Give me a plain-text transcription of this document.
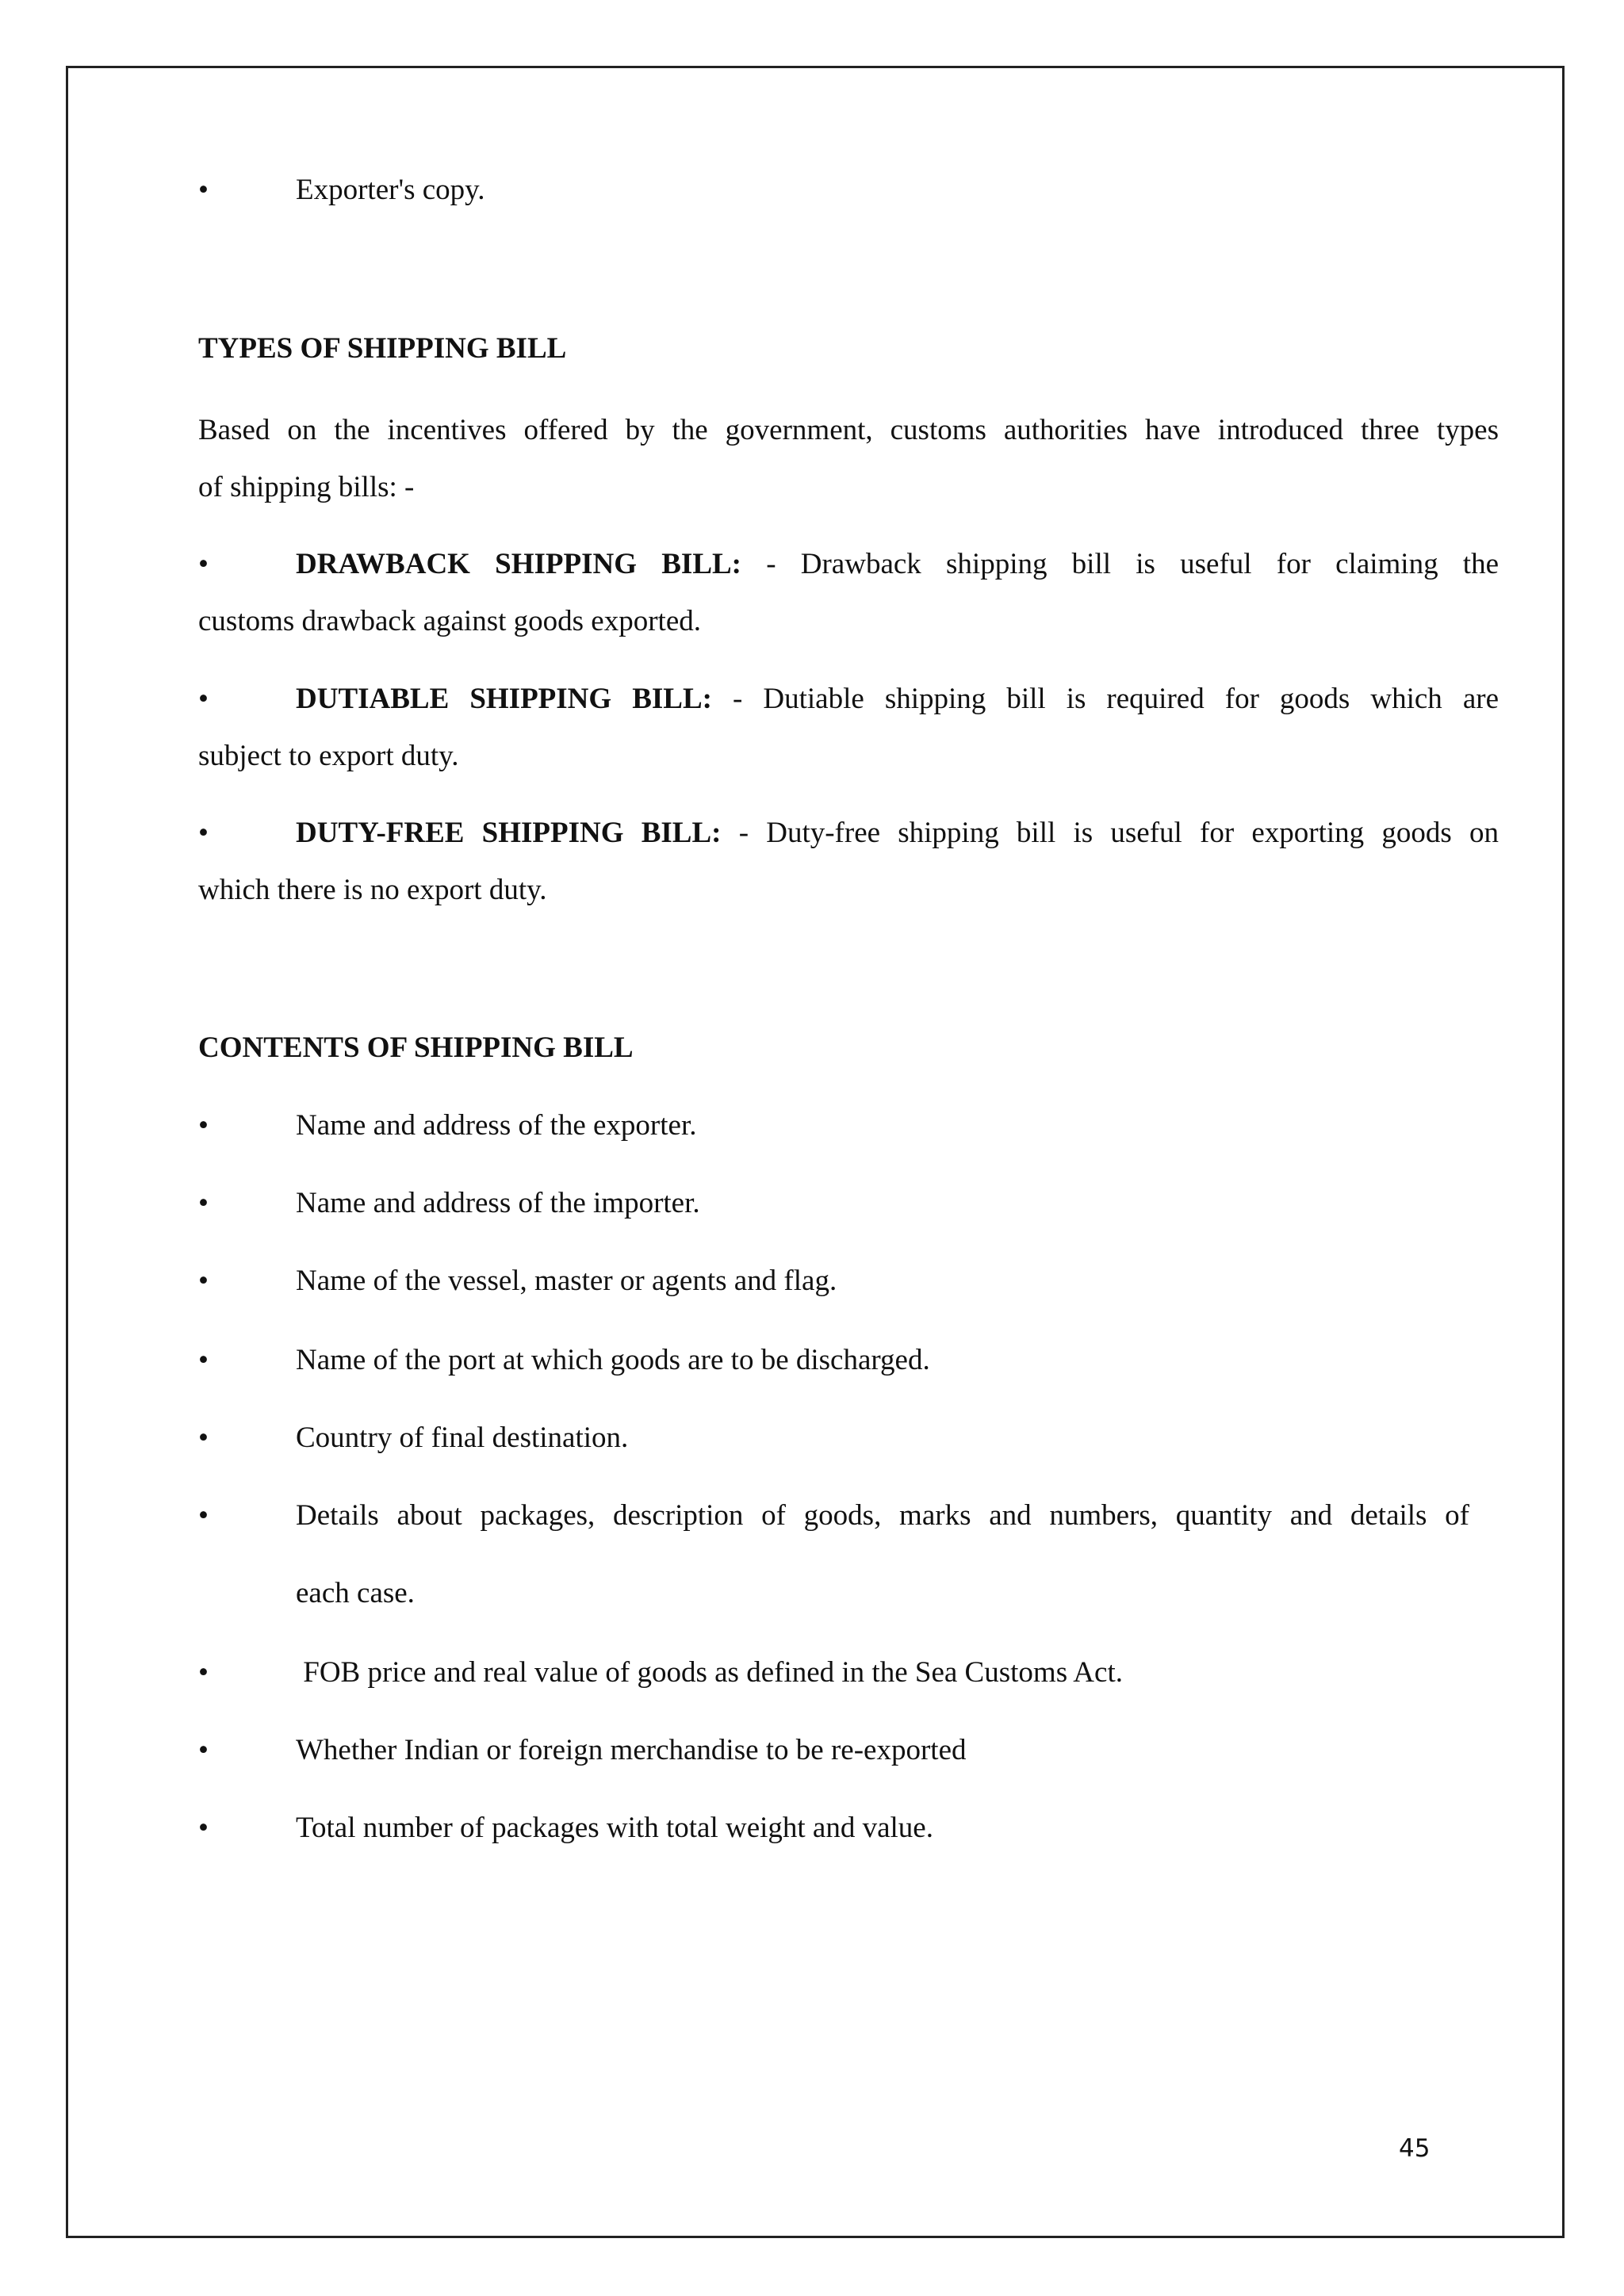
•	Exporter's copy.
TYPES OF SHIPPING BILL
Based on the incentives offered by the government, customs authorities have introduced three types
of shipping bills: -
•	DRAWBACK SHIPPING BILL: - Drawback shipping bill is useful for claiming the
customs drawback against goods exported.
•	DUTIABLE SHIPPING BILL: - Dutiable shipping bill is required for goods which are
subject to export duty.
•	DUTY-FREE SHIPPING BILL: - Duty-free shipping bill is useful for exporting goods on
which there is no export duty.
CONTENTS OF SHIPPING BILL
•	Name and address of the exporter.
•	Name and address of the importer.
•	Name of the vessel, master or agents and flag.
•	Name of the port at which goods are to be discharged.
•	Country of final destination.
•	Details about packages, description of goods, marks and numbers, quantity and details of
each case.
•	FOB price and real value of goods as defined in the Sea Customs Act.
•	Whether Indian or foreign merchandise to be re-exported
•	Total number of packages with total weight and value.
45
